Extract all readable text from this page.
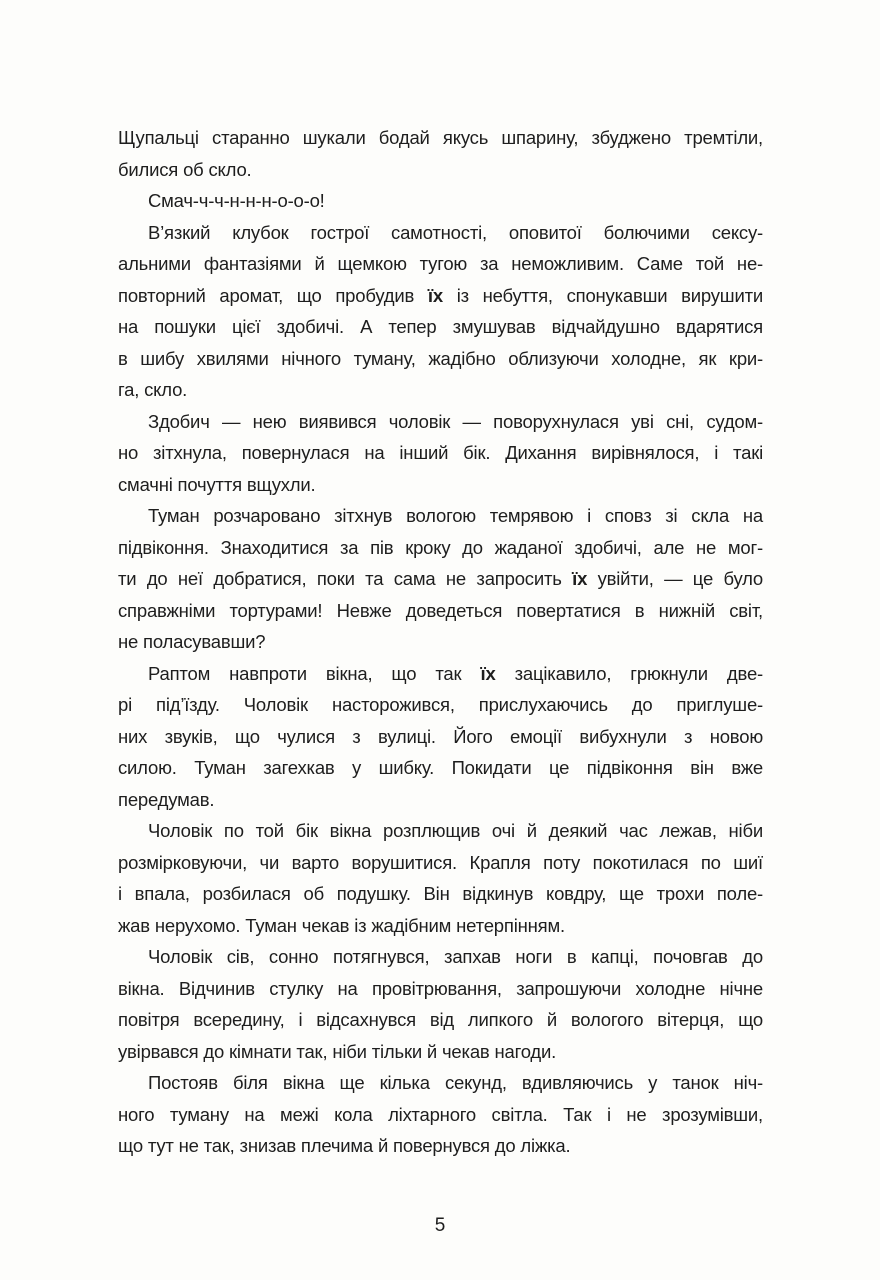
Щупальці старанно шукали бодай якусь шпарину, збуджено тремтіли,
билися об скло.
Смач-ч-ч-н-н-н-о-о-о!
В’язкий клубок гострої самотності, оповитої болючими сексу-
альними фантазіями й щемкою тугою за неможливим. Саме той не-
повторний аромат, що пробудив їх із небуття, спонукавши вирушити
на пошуки цієї здобичі. А тепер змушував відчайдушно вдарятися
в шибу хвилями нічного туману, жадібно облизуючи холодне, як кри-
га, скло.
Здобич — нею виявився чоловік — поворухнулася уві сні, судом-
но зітхнула, повернулася на інший бік. Дихання вирівнялося, і такі
смачні почуття вщухли.
Туман розчаровано зітхнув вологою темрявою і сповз зі скла на
підвіконня. Знаходитися за пів кроку до жаданої здобичі, але не мог-
ти до неї добратися, поки та сама не запросить їх увійти, — це було
справжніми тортурами! Невже доведеться повертатися в нижній світ,
не поласувавши?
Раптом навпроти вікна, що так їх зацікавило, грюкнули две-
рі під’їзду. Чоловік насторожився, прислухаючись до приглуше-
них звуків, що чулися з вулиці. Його емоції вибухнули з новою
силою. Туман загехкав у шибку. Покидати це підвіконня він вже
передумав.
Чоловік по той бік вікна розплющив очі й деякий час лежав, ніби
розмірковуючи, чи варто ворушитися. Крапля поту покотилася по шиї
і впала, розбилася об подушку. Він відкинув ковдру, ще трохи поле-
жав нерухомо. Туман чекав із жадібним нетерпінням.
Чоловік сів, сонно потягнувся, запхав ноги в капці, почовгав до
вікна. Відчинив стулку на провітрювання, запрошуючи холодне нічне
повітря всередину, і відсахнувся від липкого й вологого вітерця, що
увірвався до кімнати так, ніби тільки й чекав нагоди.
Постояв біля вікна ще кілька секунд, вдивляючись у танок ніч-
ного туману на межі кола ліхтарного світла. Так і не зрозумівши,
що тут не так, знизав плечима й повернувся до ліжка.
5
